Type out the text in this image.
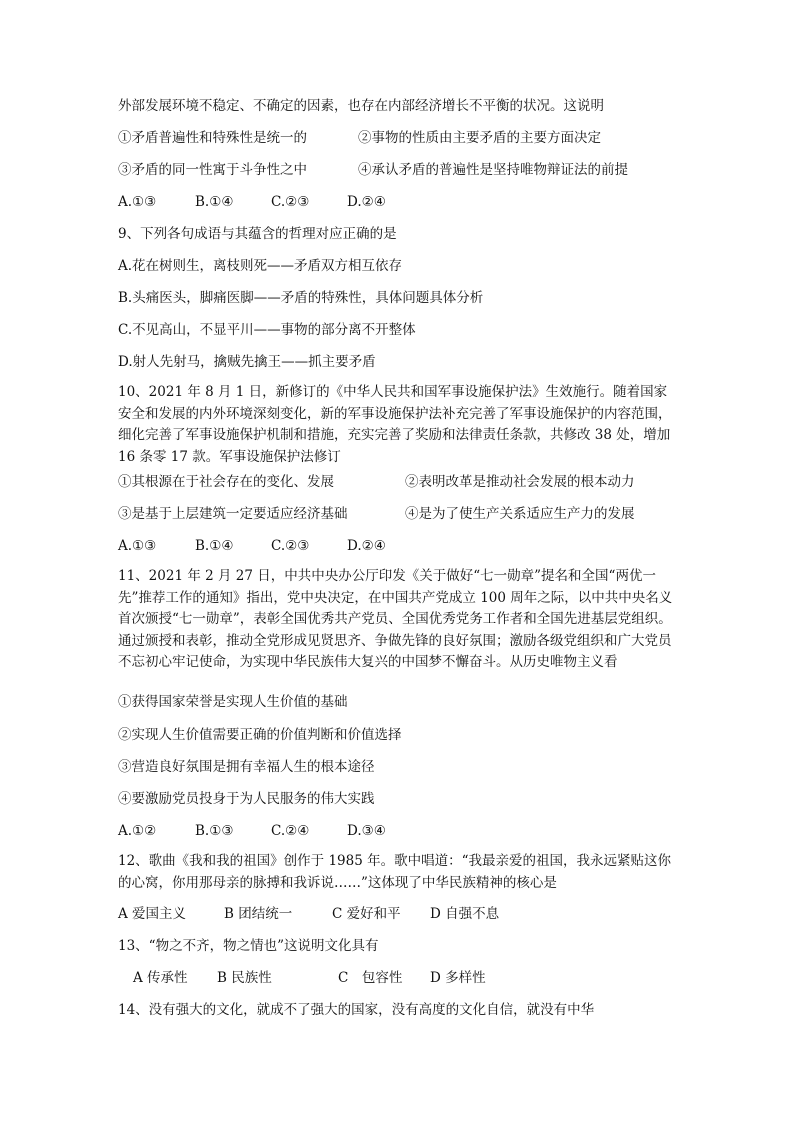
外部发展环境不稳定、不确定的因素，也存在内部经济增长不平衡的状况。这说明
①矛盾普遍性和特殊性是统一的	②事物的性质由主要矛盾的主要方面决定
③矛盾的同一性寓于斗争性之中	④承认矛盾的普遍性是坚持唯物辩证法的前提
A.①③	B.①④	C.②③	D.②④
9、下列各句成语与其蕴含的哲理对应正确的是
A.花在树则生，离枝则死——矛盾双方相互依存
B.头痛医头，脚痛医脚——矛盾的特殊性，具体问题具体分析
C.不见高山，不显平川——事物的部分离不开整体
D.射人先射马，擒贼先擒王——抓主要矛盾
10、2021 年 8 月 1 日，新修订的《中华人民共和国军事设施保护法》生效施行。随着国家安全和发展的内外环境深刻变化，新的军事设施保护法补充完善了军事设施保护的内容范围，细化完善了军事设施保护机制和措施，充实完善了奖励和法律责任条款，共修改 38 处，增加 16 条零 17 款。军事设施保护法修订
①其根源在于社会存在的变化、发展	②表明改革是推动社会发展的根本动力
③是基于上层建筑一定要适应经济基础	④是为了使生产关系适应生产力的发展
A.①③	B.①④	C.②③	D.②④
11、2021 年 2 月 27 日，中共中央办公厅印发《关于做好“七一勋章”提名和全国“两优一先”推荐工作的通知》指出，党中央决定，在中国共产党成立 100 周年之际，以中共中央名义首次颁授“七一勋章”，表彰全国优秀共产党员、全国优秀党务工作者和全国先进基层党组织。通过颁授和表彰，推动全党形成见贤思齐、争做先锋的良好氛围；激励各级党组织和广大党员不忘初心牢记使命，为实现中华民族伟大复兴的中国梦不懈奋斗。从历史唯物主义看
①获得国家荣誉是实现人生价值的基础
②实现人生价值需要正确的价值判断和价值选择
③营造良好氛围是拥有幸福人生的根本途径
④要激励党员投身于为人民服务的伟大实践
A.①②	B.①③	C.②④	D.③④
12、歌曲《我和我的祖国》创作于 1985 年。歌中唱道：“我最亲爱的祖国，我永远紧贴这你的心窝，你用那母亲的脉搏和我诉说……”这体现了中华民族精神的核心是
A 爱国主义	B 团结统一	C 爱好和平 D 自强不息
13、“物之不齐，物之情也”这说明文化具有
A 传承性 B 民族性	C　包容性 D 多样性
14、没有强大的文化，就成不了强大的国家，没有高度的文化自信，就没有中华
